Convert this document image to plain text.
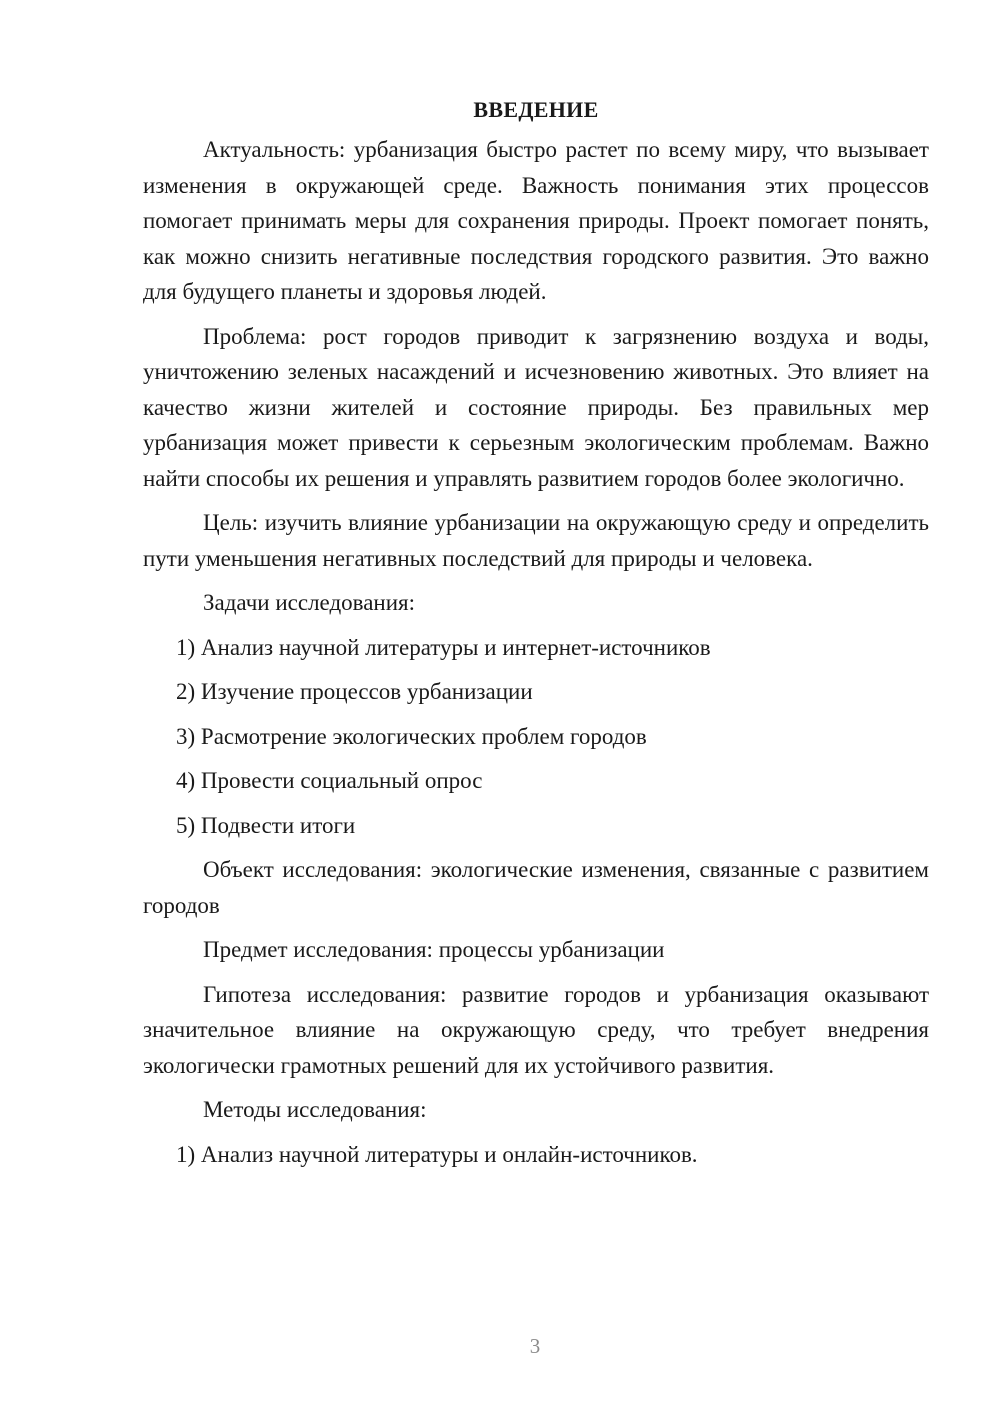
ВВЕДЕНИЕ
Актуальность: урбанизация быстро растет по всему миру, что вызывает изменения в окружающей среде. Важность понимания этих процессов помогает принимать меры для сохранения природы. Проект помогает понять, как можно снизить негативные последствия городского развития. Это важно для будущего планеты и здоровья людей.
Проблема: рост городов приводит к загрязнению воздуха и воды, уничтожению зеленых насаждений и исчезновению животных. Это влияет на качество жизни жителей и состояние природы. Без правильных мер урбанизация может привести к серьезным экологическим проблемам. Важно найти способы их решения и управлять развитием городов более экологично.
Цель: изучить влияние урбанизации на окружающую среду и определить пути уменьшения негативных последствий для природы и человека.
Задачи исследования:
1) Анализ научной литературы и интернет-источников
2) Изучение процессов урбанизации
3) Расмотрение экологических проблем городов
4) Провести социальный опрос
5) Подвести итоги
Объект исследования: экологические изменения, связанные с развитием городов
Предмет исследования: процессы урбанизации
Гипотеза исследования: развитие городов и урбанизация оказывают значительное влияние на окружающую среду, что требует внедрения экологически грамотных решений для их устойчивого развития.
Методы исследования:
1) Анализ научной литературы и онлайн-источников.
3
